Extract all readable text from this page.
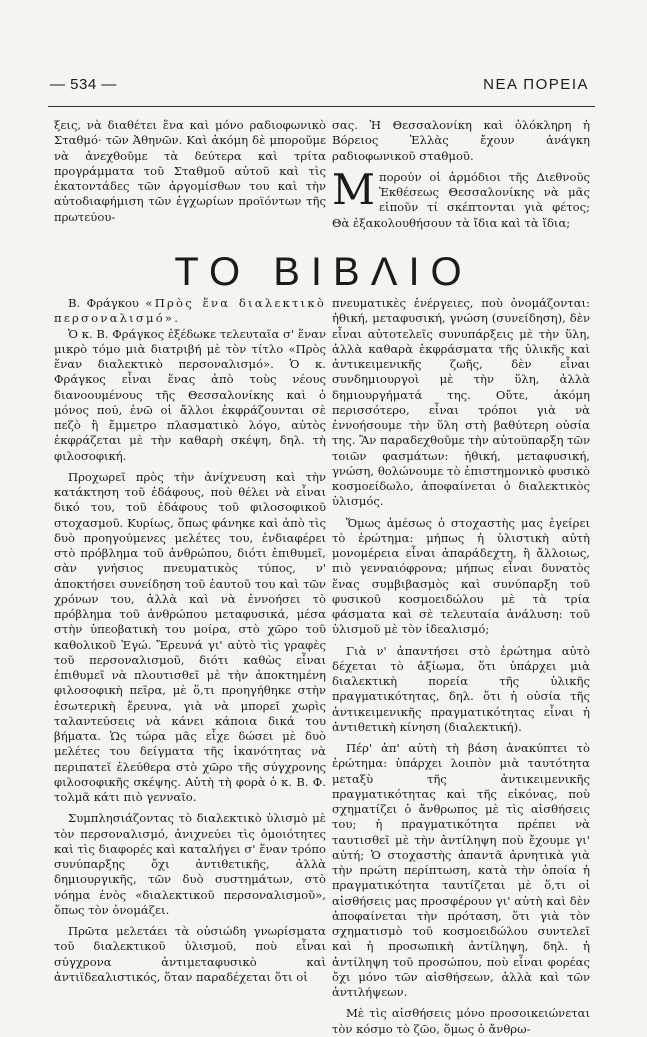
— 534 —	ΝΕΑ ΠΟΡΕΙΑ

ξεις, νὰ διαθέτει ἕνα καὶ μόνο ραδιοφωνικὸ Σταθμό· τῶν Ἀθηνῶν. Καὶ ἀκόμη δὲ μποροῦμε νὰ ἀνεχθοῦμε τὰ δεύτερα καὶ τρίτα προγράμματα τοῦ Σταθμοῦ αὐτοῦ καὶ τὶς ἑκατοντάδες τῶν ἀργομίσθων του καὶ τὴν αὐτοδιαφήμιση τῶν ἐγχωρίων προϊόντων τῆς πρωτεύου-

σας. Ἡ Θεσσαλονίκη καὶ ὁλόκληρη ἡ Βόρειος Ἑλλὰς ἔχουν ἀνάγκη ραδιοφωνικοῦ σταθμοῦ.

Μ πορούν οἱ ἁρμόδιοι τῆς Διεθνοῦς Ἐκθέσεως Θεσσαλονίκης νὰ μᾶς εἰποῦν τί σκέπτονται γιὰ φέτος; Θὰ ἐξακολουθήσουν τὰ ἴδια καὶ τὰ ἴδια;

ΤΟ ΒΙΒΛΙΟ

Β. Φράγκου «Πρὸς ἕνα διαλεκτικὸ περσοναλισμό».

Ὁ κ. Β. Φράγκος ἐξέδωκε τελευταῖα σ' ἕναν μικρὸ τόμο μιὰ διατριβή μὲ τὸν τίτλο «Πρὸς ἕναν διαλεκτικὸ περσοναλισμό». Ὁ κ. Φράγκος εἶναι ἕνας ἀπὸ τοὺς νέους διανοουμένους τῆς Θεσσαλονίκης καὶ ὁ μόνος πού, ἐνῶ οἱ ἄλλοι ἐκφράζουνται σὲ πεζὸ ἢ ἔμμετρο πλασματικὸ λόγο, αὐτὸς ἐκφράζεται μὲ τὴν καθαρὴ σκέψη, δηλ. τὴ φιλοσοφική.

Προχωρεῖ πρὸς τὴν ἀνίχνευση καὶ τὴν κατάκτηση τοῦ ἐδάφους, ποὺ θέλει νὰ εἶναι δικό του, τοῦ ἐδάφους τοῦ φιλοσοφικοῦ στοχασμοῦ. Κυρίως, ὅπως φάνηκε καὶ ἀπὸ τὶς δυὸ προηγούμενες μελέτες του, ἐνδιαφέρει στὸ πρόβλημα τοῦ ἀνθρώπου, διότι ἐπιθυμεῖ, σὰν γνήσιος πνευματικὸς τύπος, ν' ἀποκτήσει συνείδηση τοῦ ἑαυτοῦ του καὶ τῶν χρόνων του, ἀλλὰ καὶ νὰ ἐννοήσει τὸ πρόβλημα τοῦ ἀνθρώπου μεταφυσικά, μέσα στὴν ὑπεοβατικὴ του μοίρα, στὸ χῶρο τοῦ καθολικοῦ Ἐγώ. Ἔρευνά γι' αὐτὸ τὶς γραφὲς τοῦ περσοναλισμοῦ, διότι καθὼς εἶναι ἐπιθυμεῖ νὰ πλουτισθεῖ μὲ τὴν ἀποκτημένη φιλοσοφικὴ πεῖρα, μὲ ὅ,τι προηγήθηκε στὴν ἐσωτερικὴ ἔρευνα, γιὰ νὰ μπορεῖ χωρὶς ταλαντεύσεις νὰ κάνει κάποια δικά του βήματα. Ὡς τώρα μᾶς εἶχε δώσει μὲ δυὸ μελέτες του δείγματα τῆς ἱκανότητας νὰ περιπατεῖ ἐλεύθερα στὸ χῶρο τῆς σύγχρονης φιλοσοφικῆς σκέψης. Αὐτὴ τὴ φορὰ ὁ κ. Β. Φ. τολμᾶ κάτι πιὸ γενναῖο.

Συμπλησιάζοντας τὸ διαλεκτικὸ ὑλισμὸ μὲ τὸν περσοναλισμό, ἀνιχνεύει τὶς ὁμοιότητες καὶ τὶς διαφορές καὶ καταλήγει σ' ἕναν τρόπο συνύπαρξης ὄχι ἀντιθετικῆς, ἀλλὰ δημιουργικῆς, τῶν δυὸ συστημάτων, στὸ νόημα ἑνὸς «διαλεκτικοῦ περσοναλισμοῦ», ὅπως τὸν ὀνομάζει.

Πρῶτα μελετάει τὰ οὐσιώδη γνωρίσματα τοῦ διαλεκτικοῦ ὑλισμοῦ, ποὺ εἶναι σύγχρονα ἀντιμεταφυσικὸ καὶ ἀντιϊδεαλιστικός, ὅταν παραδέχεται ὅτι οἱ

πνευματικὲς ἐνέργειες, ποὺ ὀνομάζονται: ἠθική, μεταφυσική, γνώση (συνείδηση), δὲν εἶναι αὐτοτελεῖς συνυπάρξεις μὲ τὴν ὕλη, ἀλλὰ καθαρὰ ἐκφράσματα τῆς ὑλικῆς καὶ ἀντικειμενικῆς ζωῆς, δὲν εἶναι συνδημιουργοὶ μὲ τὴν ὕλη, ἀλλὰ δημιουργήματά της. Οὔτε, ἀκόμη περισσότερο, εἶναι τρόποι γιὰ νὰ ἐννοήσουμε τὴν ὕλη στὴ βαθύτερη οὐσία της. Ἂν παραδεχθοῦμε τὴν αὐτοϋπαρξη τῶν τοιῶν φασμάτων: ἠθική, μεταφυσική, γνώση, θολώνουμε τὸ ἐπιστημονικὸ φυσικὸ κοσμοείδωλο, ἀποφαίνεται ὁ διαλεκτικὸς ὑλισμός.

Ὅμως ἀμέσως ὁ στοχαστὴς μας ἐγείρει τὸ ἐρώτημα: μήπως ἡ ὑλιστικὴ αὐτὴ μονομέρεια εἶναι ἀπαράδεχτη, ἢ ἄλλοιως, πιὸ γενναιόφρονα; μήπως εἶναι δυνατὸς ἕνας συμβιβασμὸς καὶ συνύπαρξη τοῦ φυσικοῦ κοσμοειδώλου μὲ τὰ τρία φάσματα καὶ σὲ τελευταία ἀνάλυση: τοῦ ὑλισμοῦ μὲ τὸν ἰδεαλισμό;

Γιὰ ν' ἀπαντήσει στὸ ἐρώτημα αὐτὸ δέχεται τὸ ἀξίωμα, ὅτι ὑπάρχει μιὰ διαλεκτικὴ πορεία τῆς ὑλικῆς πραγματικότητας, δηλ. ὅτι ἡ οὐσία τῆς ἀντικειμενικῆς πραγματικότητας εἶναι ἡ ἀντιθετικὴ κίνηση (διαλεκτική).

Πέρ' ἀπ' αὐτὴ τὴ βάση ἀνακύπτει τὸ ἐρώτημα: ὑπάρχει λοιπὸν μιὰ ταυτότητα μεταξὺ τῆς ἀντικειμενικῆς πραγματικότητας καὶ τῆς εἰκόνας, ποὺ σχηματίζει ὁ ἄνθρωπος μὲ τὶς αἰσθήσεις του; ἡ πραγματικότητα πρέπει νὰ ταυτισθεῖ μὲ τὴν ἀντίληψη ποὺ ἔχουμε γι' αὐτή; Ὁ στοχαστὴς ἀπαντᾶ ἀρνητικὰ γιὰ τὴν πρώτη περίπτωση, κατὰ τὴν ὁποία ἡ πραγματικότητα ταυτίζεται μὲ ὅ,τι οἱ αἰσθήσεις μας προσφέρουν γι' αὐτὴ καὶ δὲν ἀποφαίνεται τὴν πρόταση, ὅτι γιὰ τὸν σχηματισμὸ τοῦ κοσμοειδώλου συντελεῖ καὶ ἡ προσωπικὴ ἀντίληψη, δηλ. ἡ ἀντίληψη τοῦ προσώπου, ποὺ εἶναι φορέας ὄχι μόνο τῶν αἰσθήσεων, ἀλλὰ καὶ τῶν ἀντιλήψεων.

Μὲ τὶς αἰσθήσεις μόνο προσοικειώνεται τὸν κόσμο τὸ ζῶο, ὅμως ὁ ἄνθρω-
